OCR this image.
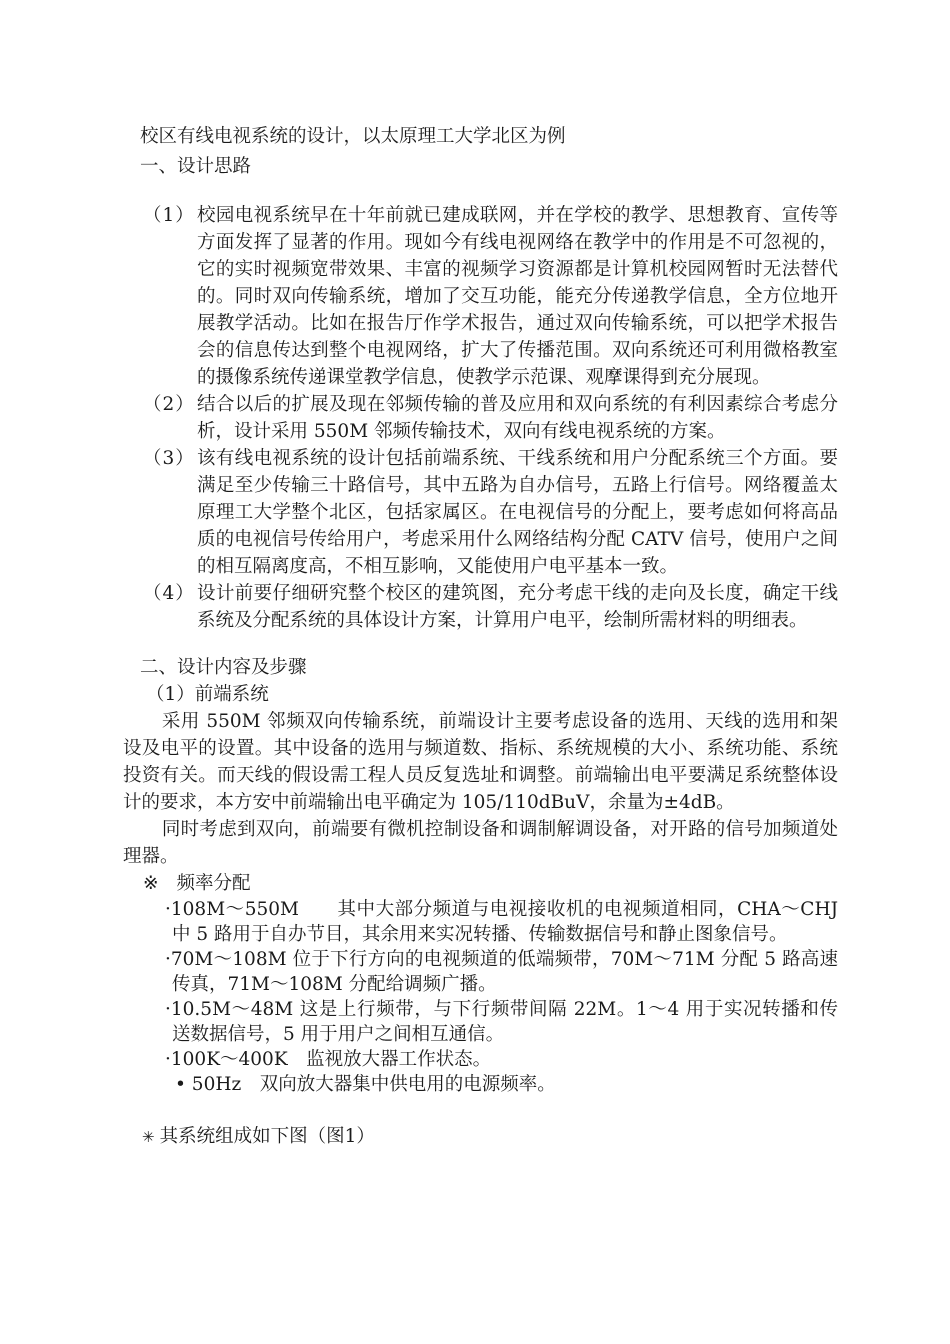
校区有线电视系统的设计，以太原理工大学北区为例
一、设计思路
（1） 校园电视系统早在十年前就已建成联网，并在学校的教学、思想教育、宣传等方面发挥了显著的作用。现如今有线电视网络在教学中的作用是不可忽视的，它的实时视频宽带效果、丰富的视频学习资源都是计算机校园网暂时无法替代的。同时双向传输系统，增加了交互功能，能充分传递教学信息，全方位地开展教学活动。比如在报告厅作学术报告，通过双向传输系统，可以把学术报告会的信息传达到整个电视网络，扩大了传播范围。双向系统还可利用微格教室的摄像系统传递课堂教学信息，使教学示范课、观摩课得到充分展现。
（2） 结合以后的扩展及现在邻频传输的普及应用和双向系统的有利因素综合考虑分析，设计采用 550M 邻频传输技术，双向有线电视系统的方案。
（3） 该有线电视系统的设计包括前端系统、干线系统和用户分配系统三个方面。要满足至少传输三十路信号，其中五路为自办信号，五路上行信号。网络覆盖太原理工大学整个北区，包括家属区。在电视信号的分配上，要考虑如何将高品质的电视信号传给用户，考虑采用什么网络结构分配 CATV 信号，使用户之间的相互隔离度高，不相互影响，又能使用户电平基本一致。
（4） 设计前要仔细研究整个校区的建筑图，充分考虑干线的走向及长度，确定干线系统及分配系统的具体设计方案，计算用户电平，绘制所需材料的明细表。
二、设计内容及步骤
（1）前端系统

采用 550M 邻频双向传输系统，前端设计主要考虑设备的选用、天线的选用和架设及电平的设置。其中设备的选用与频道数、指标、系统规模的大小、系统功能、系统投资有关。而天线的假设需工程人员反复选址和调整。前端输出电平要满足系统整体设计的要求，本方安中前端输出电平确定为 105/110dBuV，余量为±4dB。

同时考虑到双向，前端要有微机控制设备和调制解调设备，对开路的信号加频道处理器。

※ 频率分配
·108M～550M　　其中大部分频道与电视接收机的电视频道相同，CHA～CHJ 中 5 路用于自办节目，其余用来实况转播、传输数据信号和静止图象信号。
·70M～108M 位于下行方向的电视频道的低端频带，70M～71M 分配 5 路高速传真，71M～108M 分配给调频广播。
·10.5M～48M 这是上行频带，与下行频带间隔 22M。1～4 用于实况转播和传送数据信号，5 用于用户之间相互通信。
·100K～400K　监视放大器工作状态。
• 50Hz　双向放大器集中供电用的电源频率。
✳ 其系统组成如下图（图1）
